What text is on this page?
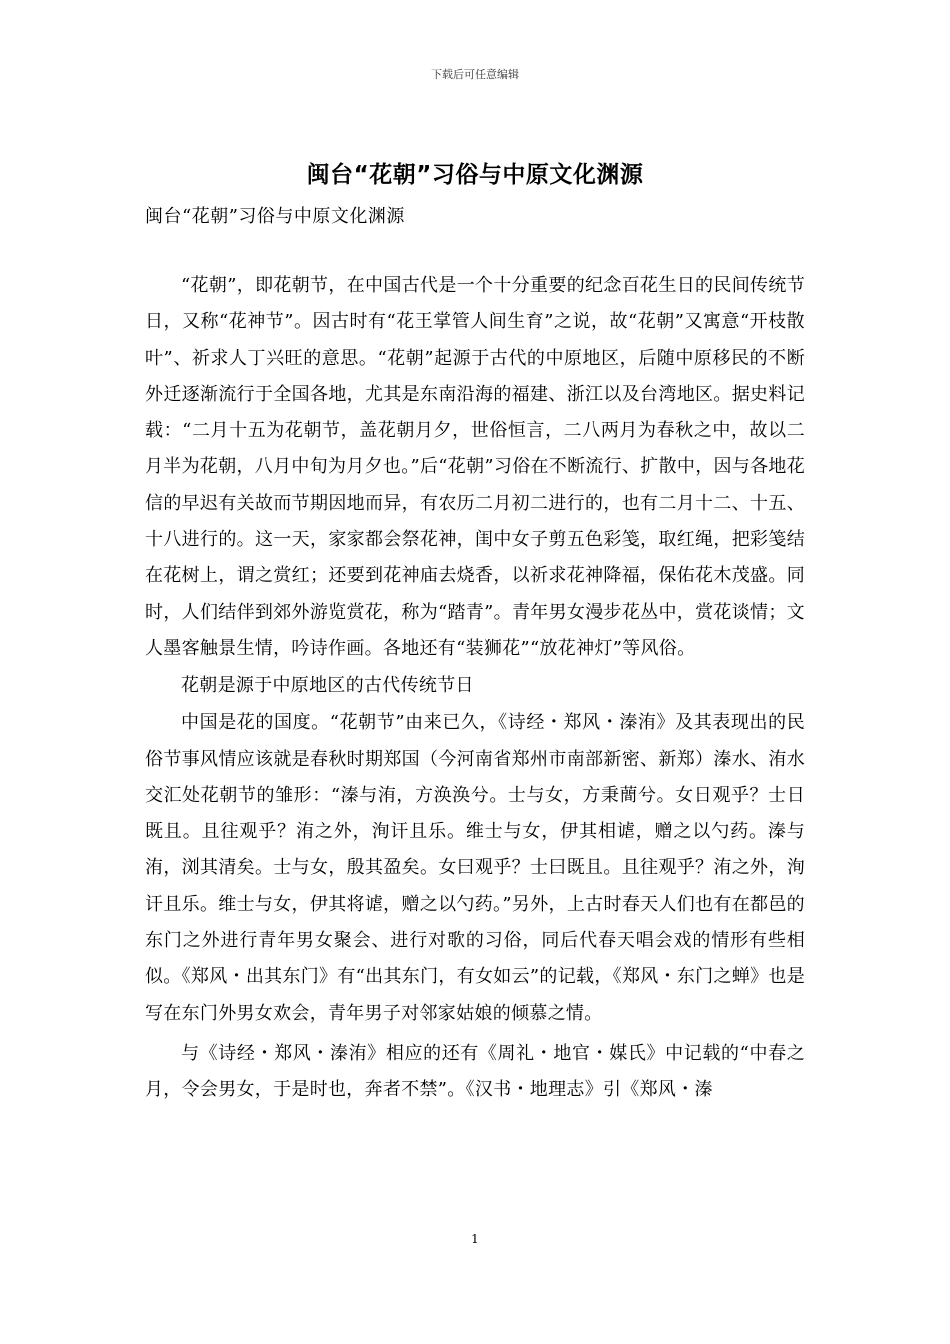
下载后可任意编辑
闽台“花朝”习俗与中原文化渊源
闽台“花朝”习俗与中原文化渊源

“花朝”，即花朝节，在中国古代是一个十分重要的纪念百花生日的民间传统节日，又称“花神节”。因古时有“花王掌管人间生育”之说，故“花朝”又寓意“开枝散叶”、祈求人丁兴旺的意思。“花朝”起源于古代的中原地区，后随中原移民的不断外迁逐渐流行于全国各地，尤其是东南沿海的福建、浙江以及台湾地区。据史料记载：“二月十五为花朝节，盖花朝月夕，世俗恒言，二八两月为春秋之中，故以二月半为花朝，八月中旬为月夕也。”后“花朝”习俗在不断流行、扩散中，因与各地花信的早迟有关故而节期因地而异，有农历二月初二进行的，也有二月十二、十五、十八进行的。这一天，家家都会祭花神，闺中女子剪五色彩笺，取红绳，把彩笺结在花树上，谓之赏红；还要到花神庙去烧香，以祈求花神降福，保佑花木茂盛。同时，人们结伴到郊外游览赏花，称为“踏青”。青年男女漫步花丛中，赏花谈情；文人墨客触景生情，吟诗作画。各地还有“装狮花”“放花神灯”等风俗。

花朝是源于中原地区的古代传统节日

中国是花的国度。“花朝节”由来已久，《诗经・郑风・溱洧》及其表现出的民俗节事风情应该就是春秋时期郑国（今河南省郑州市南部新密、新郑）溱水、洧水交汇处花朝节的雏形：“溱与洧，方涣涣兮。士与女，方秉蕳兮。女日观乎？士日既且。且往观乎？洧之外，洵讦且乐。维士与女，伊其相谑，赠之以勺药。溱与洧，浏其清矣。士与女，殷其盈矣。女曰观乎？士曰既且。且往观乎？洧之外，洵讦且乐。维士与女，伊其将谑，赠之以勺药。”另外，上古时春天人们也有在都邑的东门之外进行青年男女聚会、进行对歌的习俗，同后代春天唱会戏的情形有些相似。《郑风・出其东门》有“出其东门，有女如云”的记载，《郑风・东门之蝉》也是写在东门外男女欢会，青年男子对邻家姑娘的倾慕之情。

与《诗经・郑风・溱洧》相应的还有《周礼・地官・媒氏》中记载的“中春之月，令会男女，于是时也，奔者不禁”。《汉书・地理志》引《郑风・溱

1
